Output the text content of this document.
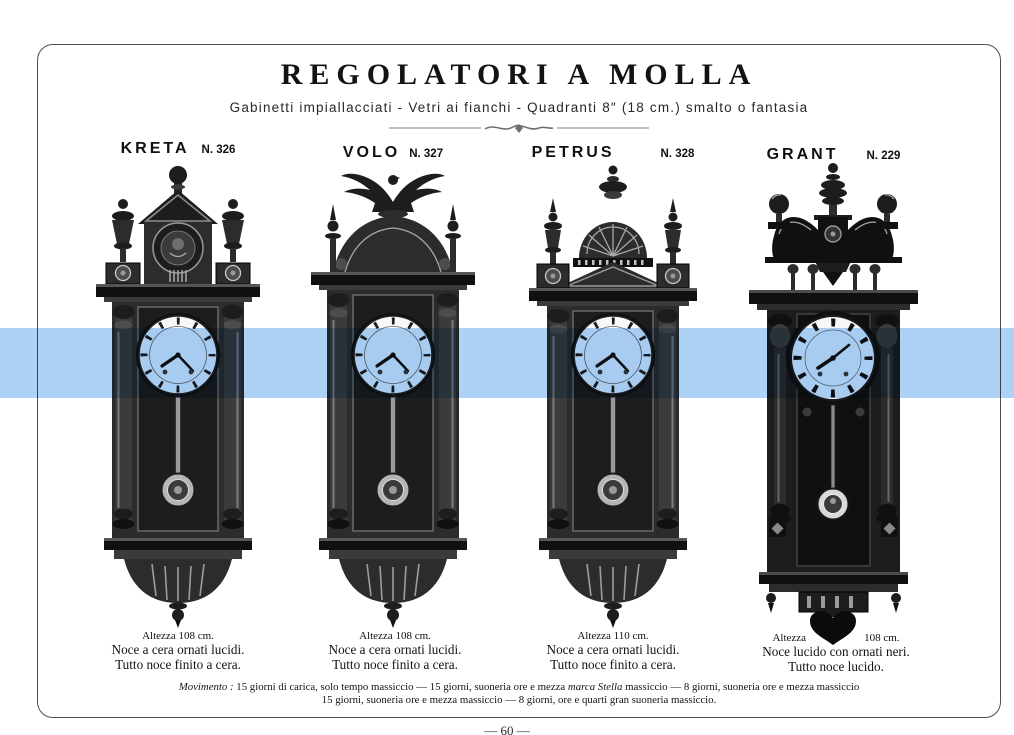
REGOLATORI A MOLLA
Gabinetti impiallacciati - Vetri ai fianchi - Quadranti 8″ (18 cm.) smalto o fantasia
KRETA N. 326
Altezza 108 cm.
Noce a cera ornati lucidi.
Tutto noce finito a cera.
VOLO N. 327
Altezza 108 cm.
Noce a cera ornati lucidi.
Tutto noce finito a cera.
PETRUS	N. 328
Altezza 110 cm.
Noce a cera ornati lucidi.
Tutto noce finito a cera.
GRANT N. 229
Altezza	108 cm.
Noce lucido con ornati neri.
Tutto noce lucido.
Movimento : 15 giorni di carica, solo tempo massiccio — 15 giorni, suoneria ore e mezza marca Stella massiccio — 8 giorni, suoneria ore e mezza massiccio
15 giorni, suoneria ore e mezza massiccio — 8 giorni, ore e quarti gran suoneria massiccio.
— 60 —
